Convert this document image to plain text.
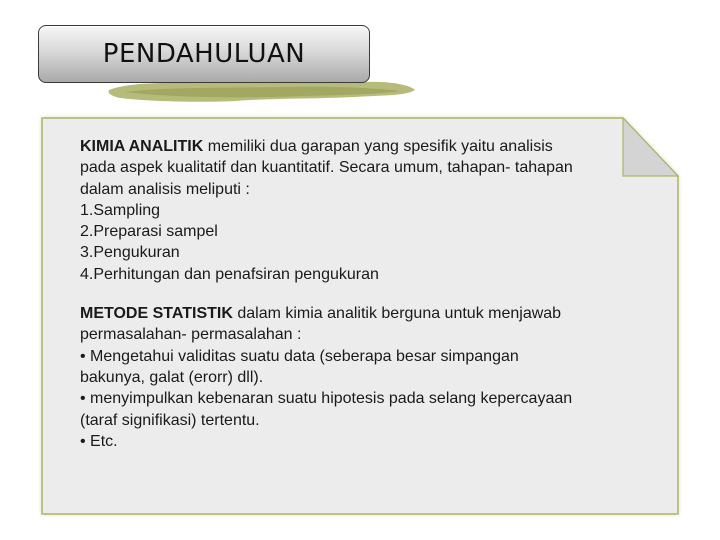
PENDAHULUAN
KIMIA ANALITIK memiliki dua garapan yang spesifik yaitu analisis
pada aspek kualitatif dan kuantitatif. Secara umum, tahapan- tahapan
dalam analisis meliputi :
1.Sampling
2.Preparasi sampel
3.Pengukuran
4.Perhitungan dan penafsiran pengukuran
METODE STATISTIK dalam kimia analitik berguna untuk menjawab
permasalahan- permasalahan :
• Mengetahui validitas suatu data (seberapa besar simpangan
bakunya, galat (erorr) dll).
• menyimpulkan kebenaran suatu hipotesis pada selang kepercayaan
(taraf signifikasi) tertentu.
• Etc.
